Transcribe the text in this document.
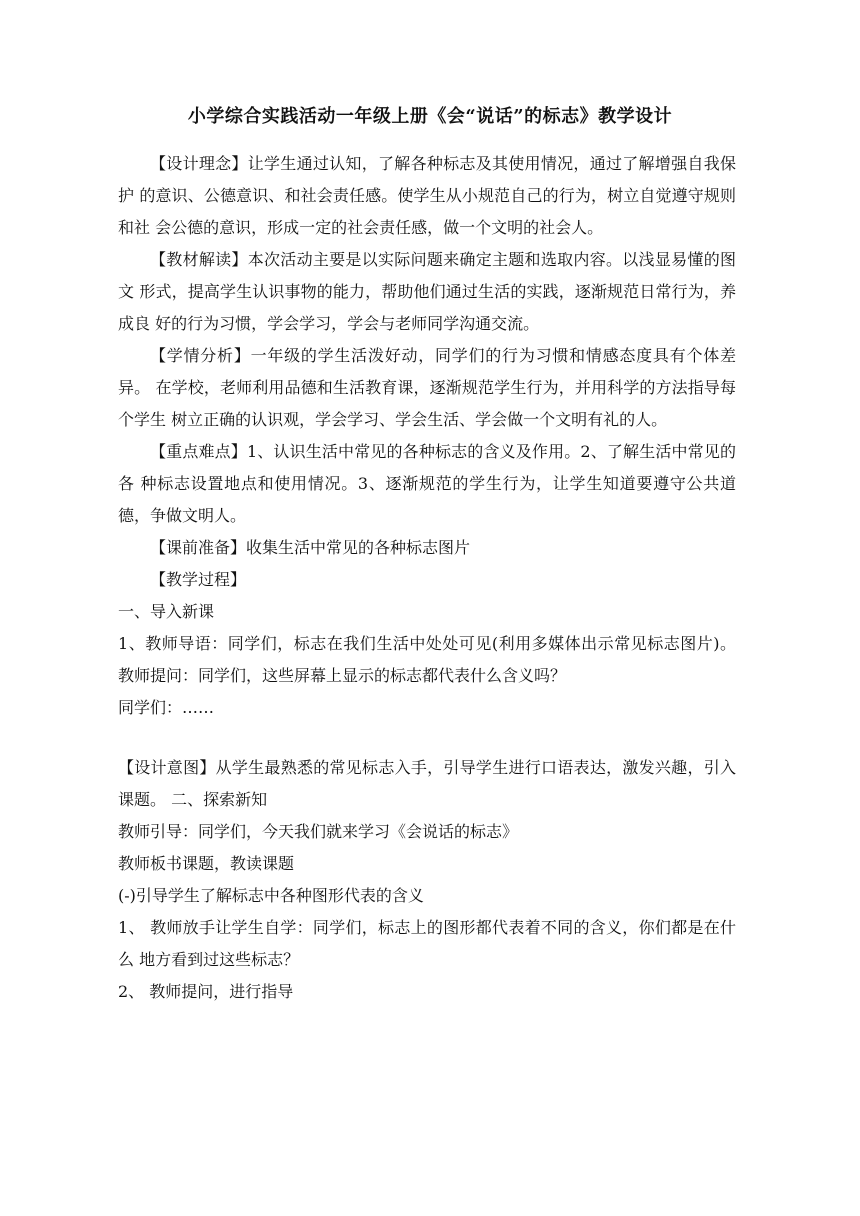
小学综合实践活动一年级上册《会“说话”的标志》教学设计

【设计理念】让学生通过认知，了解各种标志及其使用情况，通过了解增强自我保护 的意识、公德意识、和社会责任感。使学生从小规范自己的行为，树立自觉遵守规则和社 会公德的意识，形成一定的社会责任感，做一个文明的社会人。

【教材解读】本次活动主要是以实际问题来确定主题和选取内容。以浅显易懂的图文 形式，提高学生认识事物的能力，帮助他们通过生活的实践，逐渐规范日常行为，养成良 好的行为习惯，学会学习，学会与老师同学沟通交流。

【学情分析】一年级的学生活泼好动，同学们的行为习惯和情感态度具有个体差异。 在学校，老师利用品德和生活教育课，逐渐规范学生行为，并用科学的方法指导每个学生 树立正确的认识观，学会学习、学会生活、学会做一个文明有礼的人。

【重点难点】1、认识生活中常见的各种标志的含义及作用。2、了解生活中常见的各 种标志设置地点和使用情况。3、逐渐规范的学生行为，让学生知道要遵守公共道德，争做文明人。

【课前准备】收集生活中常见的各种标志图片

【教学过程】

一、导入新课

1、教师导语：同学们，标志在我们生活中处处可见(利用多媒体出示常见标志图片)。 教师提问：同学们，这些屏幕上显示的标志都代表什么含义吗？

同学们：……

【设计意图】从学生最熟悉的常见标志入手，引导学生进行口语表达，激发兴趣，引入课题。 二、探索新知

教师引导：同学们，今天我们就来学习《会说话的标志》

教师板书课题，教读课题

(-)引导学生了解标志中各种图形代表的含义

1、 教师放手让学生自学：同学们，标志上的图形都代表着不同的含义，你们都是在什么 地方看到过这些标志？

2、 教师提问，进行指导
